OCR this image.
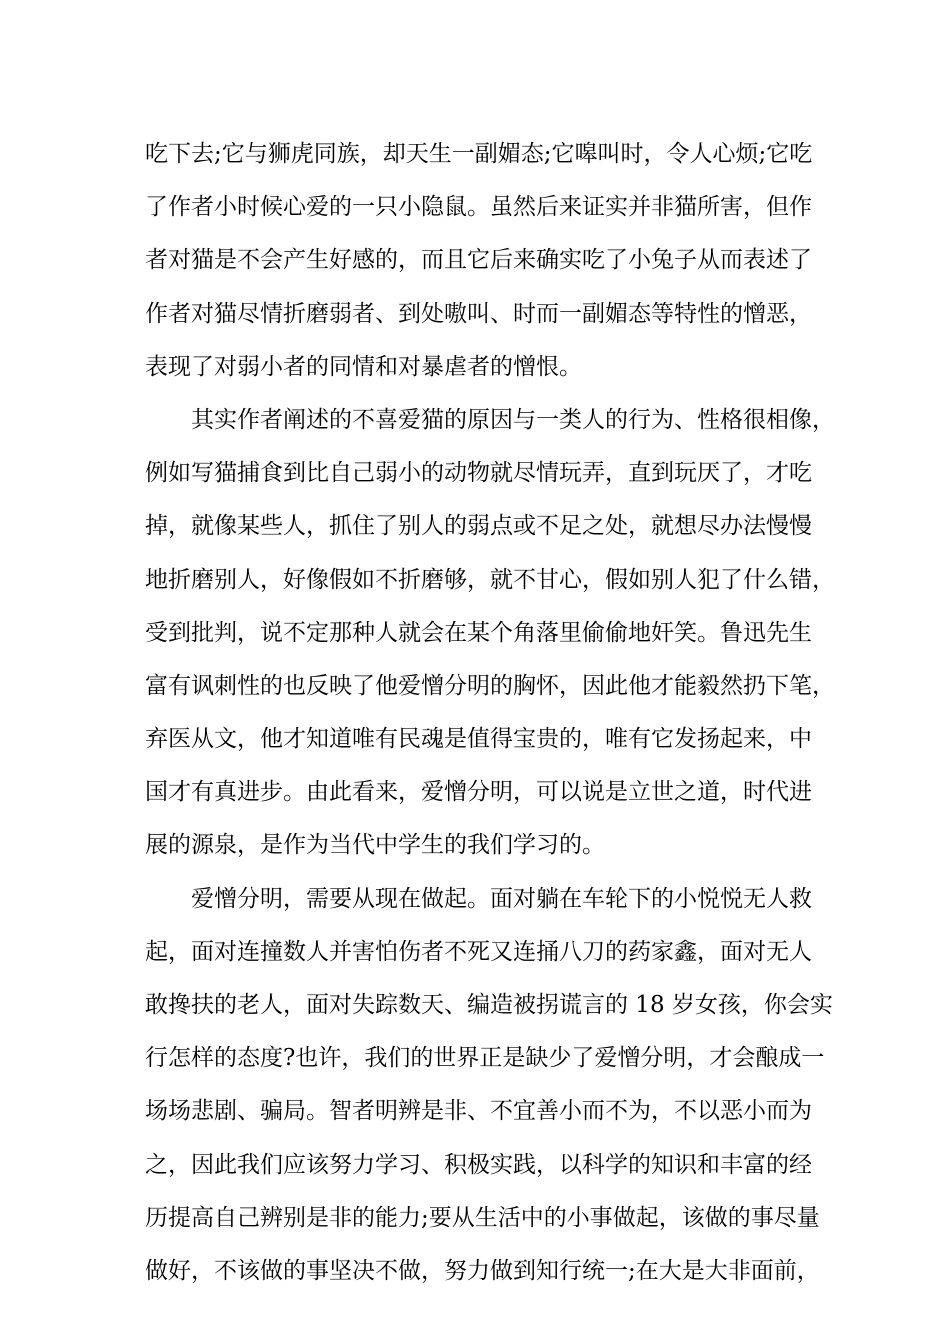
吃下去;它与狮虎同族，却天生一副媚态;它嗥叫时，令人心烦;它吃
了作者小时候心爱的一只小隐鼠。虽然后来证实并非猫所害，但作
者对猫是不会产生好感的，而且它后来确实吃了小兔子从而表述了
作者对猫尽情折磨弱者、到处嗷叫、时而一副媚态等特性的憎恶，
表现了对弱小者的同情和对暴虐者的憎恨。
其实作者阐述的不喜爱猫的原因与一类人的行为、性格很相像，
例如写猫捕食到比自己弱小的动物就尽情玩弄，直到玩厌了，才吃
掉，就像某些人，抓住了别人的弱点或不足之处，就想尽办法慢慢
地折磨别人，好像假如不折磨够，就不甘心，假如别人犯了什么错，
受到批判，说不定那种人就会在某个角落里偷偷地奸笑。鲁迅先生
富有讽刺性的也反映了他爱憎分明的胸怀，因此他才能毅然扔下笔，
弃医从文，他才知道唯有民魂是值得宝贵的，唯有它发扬起来，中
国才有真进步。由此看来，爱憎分明，可以说是立世之道，时代进
展的源泉，是作为当代中学生的我们学习的。
爱憎分明，需要从现在做起。面对躺在车轮下的小悦悦无人救
起，面对连撞数人并害怕伤者不死又连捅八刀的药家鑫，面对无人
敢搀扶的老人，面对失踪数天、编造被拐谎言的 18 岁女孩，你会实
行怎样的态度?也许，我们的世界正是缺少了爱憎分明，才会酿成一
场场悲剧、骗局。智者明辨是非、不宜善小而不为，不以恶小而为
之，因此我们应该努力学习、积极实践，以科学的知识和丰富的经
历提高自己辨别是非的能力;要从生活中的小事做起，该做的事尽量
做好，不该做的事坚决不做，努力做到知行统一;在大是大非面前，
